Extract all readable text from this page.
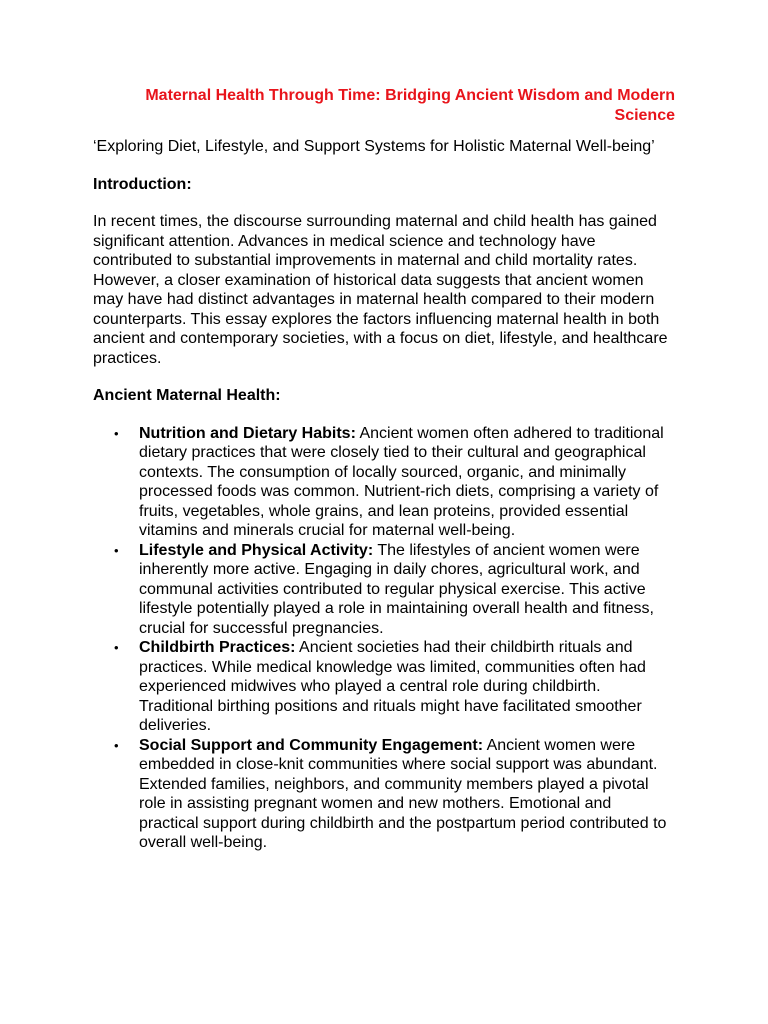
Maternal Health Through Time: Bridging Ancient Wisdom and Modern Science

‘Exploring Diet, Lifestyle, and Support Systems for Holistic Maternal Well-being’

Introduction:

In recent times, the discourse surrounding maternal and child health has gained significant attention. Advances in medical science and technology have contributed to substantial improvements in maternal and child mortality rates. However, a closer examination of historical data suggests that ancient women may have had distinct advantages in maternal health compared to their modern counterparts. This essay explores the factors influencing maternal health in both ancient and contemporary societies, with a focus on diet, lifestyle, and healthcare practices.

Ancient Maternal Health:

• Nutrition and Dietary Habits: Ancient women often adhered to traditional dietary practices that were closely tied to their cultural and geographical contexts. The consumption of locally sourced, organic, and minimally processed foods was common. Nutrient-rich diets, comprising a variety of fruits, vegetables, whole grains, and lean proteins, provided essential vitamins and minerals crucial for maternal well-being.
• Lifestyle and Physical Activity: The lifestyles of ancient women were inherently more active. Engaging in daily chores, agricultural work, and communal activities contributed to regular physical exercise. This active lifestyle potentially played a role in maintaining overall health and fitness, crucial for successful pregnancies.
• Childbirth Practices: Ancient societies had their childbirth rituals and practices. While medical knowledge was limited, communities often had experienced midwives who played a central role during childbirth. Traditional birthing positions and rituals might have facilitated smoother deliveries.
• Social Support and Community Engagement: Ancient women were embedded in close-knit communities where social support was abundant. Extended families, neighbors, and community members played a pivotal role in assisting pregnant women and new mothers. Emotional and practical support during childbirth and the postpartum period contributed to overall well-being.
